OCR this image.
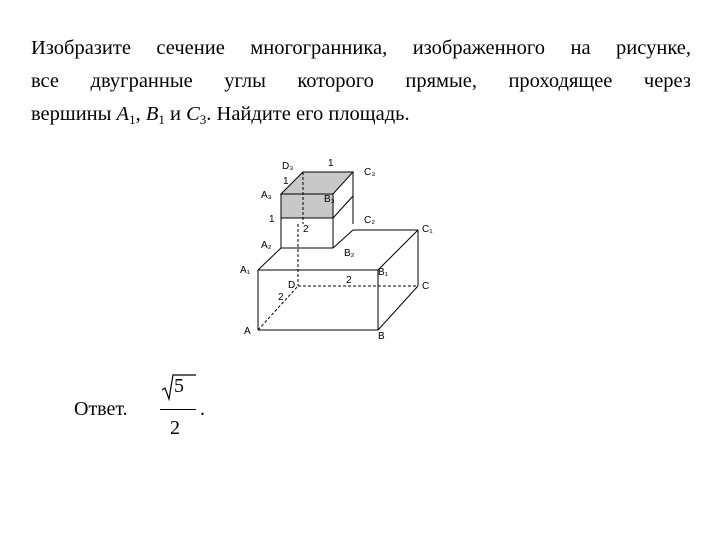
Изобразите сечение многогранника, изображенного на рисунке,
все двугранные углы которого прямые, проходящее через
вершины $A_1$, $B_1$ и $C_3$. Найдите его площадь.
D₃	1
C₃
1
A₃	B₃
1	C₂
2	C₁
A₂
B₂
A₁	B₁
D	2
2
C
A	B
Ответ.
5
2
.
